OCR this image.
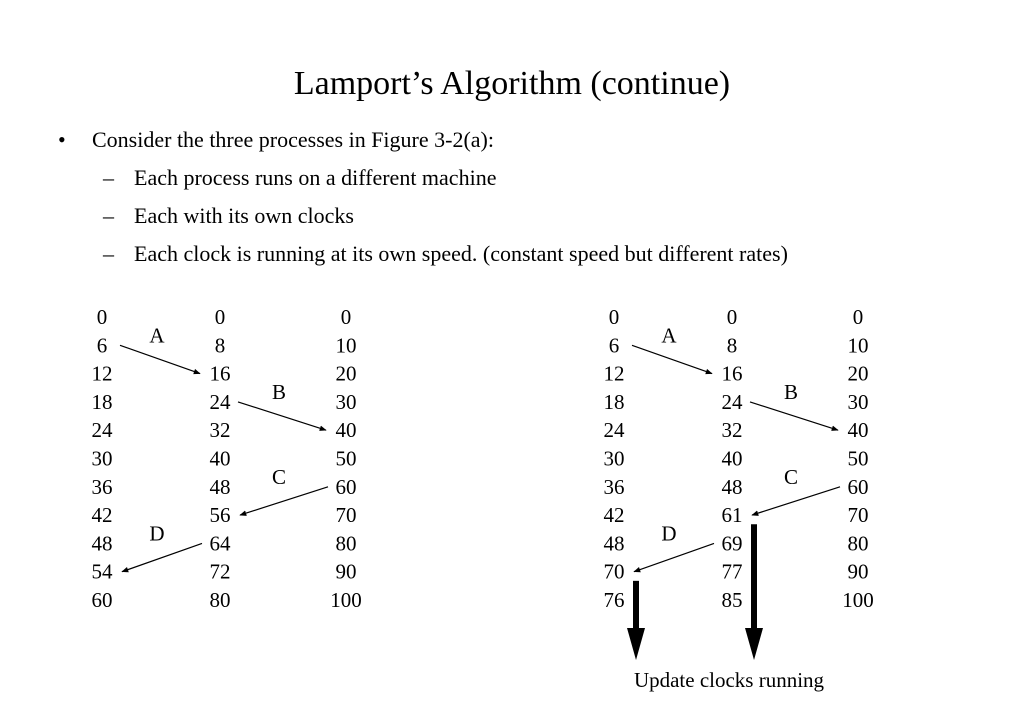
Lamport’s Algorithm (continue)
• Consider the three processes in Figure 3-2(a):
– Each process runs on a different machine
– Each with its own clocks
– Each clock is running at its own speed. (constant speed but different rates)
0
6
12
18
24
30
36
42
48
54
60
0
8
16
24
32
40
48
56
64
72
80
0
10
20
30
40
50
60
70
80
90
100
A
B
C
D
0
6
12
18
24
30
36
42
48
70
76
0
8
16
24
32
40
48
61
69
77
85
0
10
20
30
40
50
60
70
80
90
100
A
B
C
D
Update clocks running
